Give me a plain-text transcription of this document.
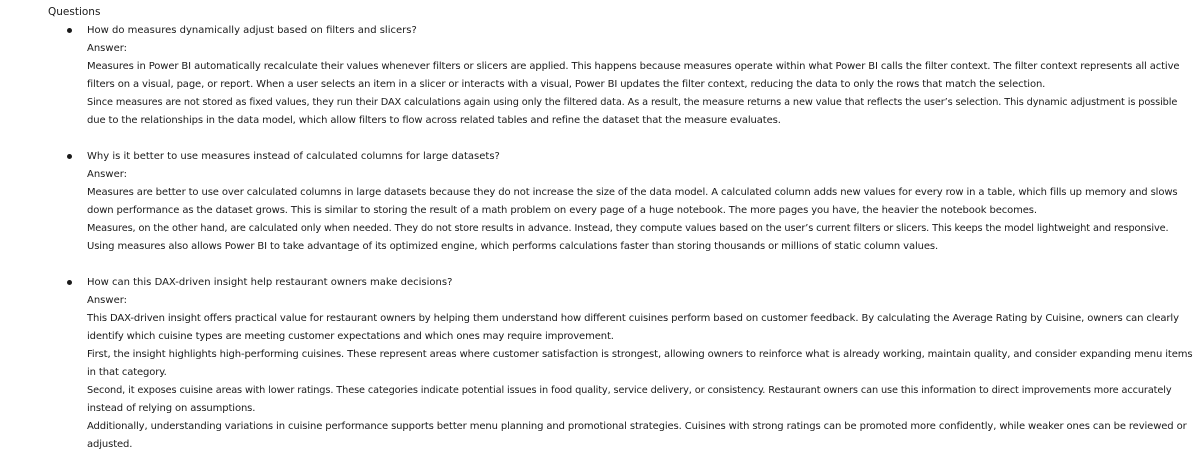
Questions
How do measures dynamically adjust based on filters and slicers?
Answer:
Measures in Power BI automatically recalculate their values whenever filters or slicers are applied. This happens because measures operate within what Power BI calls the filter context. The filter context represents all active
filters on a visual, page, or report. When a user selects an item in a slicer or interacts with a visual, Power BI updates the filter context, reducing the data to only the rows that match the selection.
Since measures are not stored as fixed values, they run their DAX calculations again using only the filtered data. As a result, the measure returns a new value that reflects the user’s selection. This dynamic adjustment is possible
due to the relationships in the data model, which allow filters to flow across related tables and refine the dataset that the measure evaluates.
Why is it better to use measures instead of calculated columns for large datasets?
Answer:
Measures are better to use over calculated columns in large datasets because they do not increase the size of the data model. A calculated column adds new values for every row in a table, which fills up memory and slows
down performance as the dataset grows. This is similar to storing the result of a math problem on every page of a huge notebook. The more pages you have, the heavier the notebook becomes.
Measures, on the other hand, are calculated only when needed. They do not store results in advance. Instead, they compute values based on the user’s current filters or slicers. This keeps the model lightweight and responsive.
Using measures also allows Power BI to take advantage of its optimized engine, which performs calculations faster than storing thousands or millions of static column values.
How can this DAX-driven insight help restaurant owners make decisions?
Answer:
This DAX-driven insight offers practical value for restaurant owners by helping them understand how different cuisines perform based on customer feedback. By calculating the Average Rating by Cuisine, owners can clearly
identify which cuisine types are meeting customer expectations and which ones may require improvement.
First, the insight highlights high-performing cuisines. These represent areas where customer satisfaction is strongest, allowing owners to reinforce what is already working, maintain quality, and consider expanding menu items
in that category.
Second, it exposes cuisine areas with lower ratings. These categories indicate potential issues in food quality, service delivery, or consistency. Restaurant owners can use this information to direct improvements more accurately
instead of relying on assumptions.
Additionally, understanding variations in cuisine performance supports better menu planning and promotional strategies. Cuisines with strong ratings can be promoted more confidently, while weaker ones can be reviewed or
adjusted.
